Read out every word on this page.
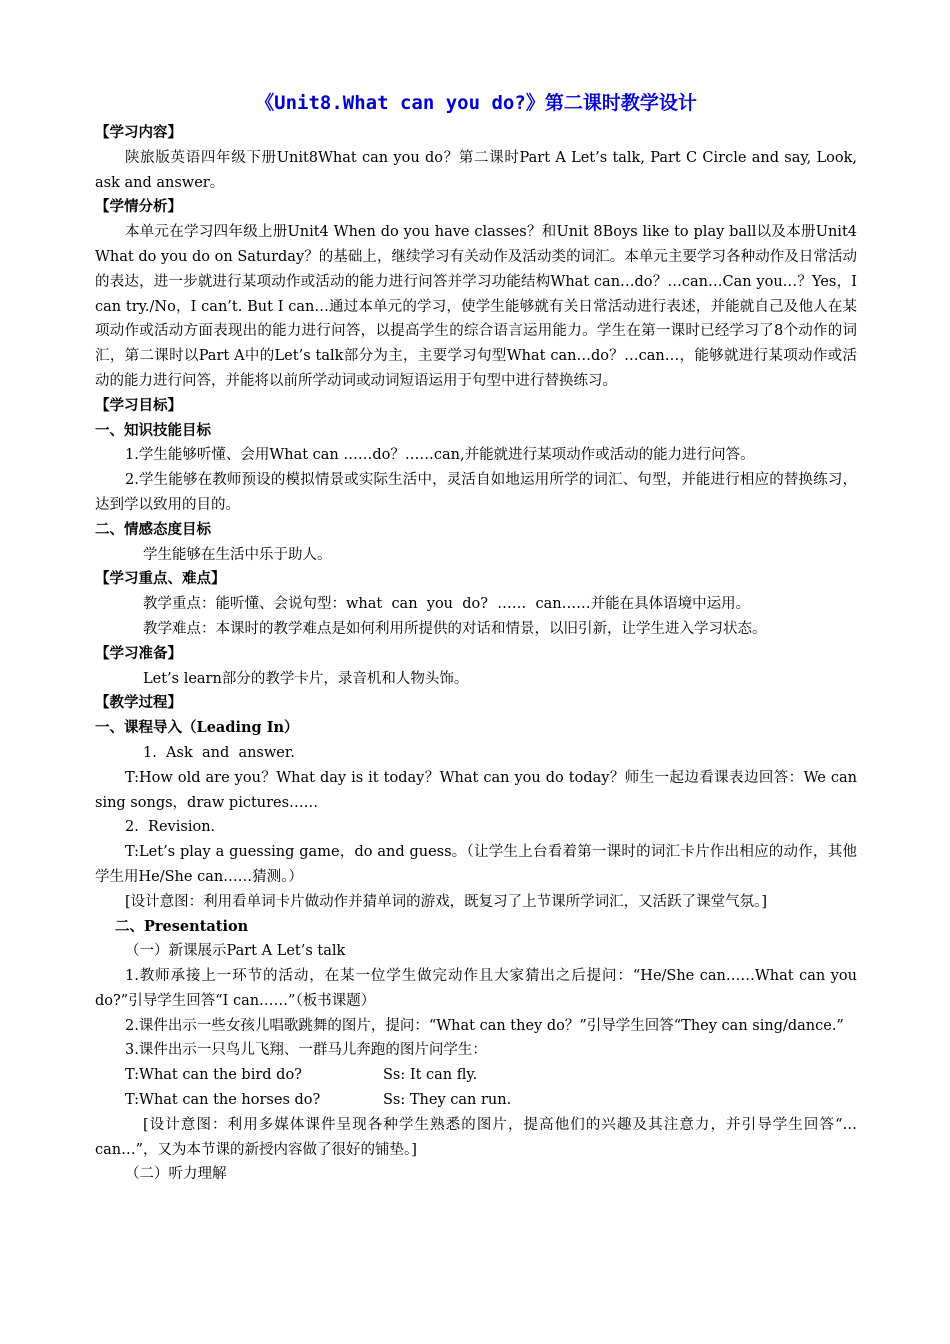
《Unit8.What can you do?》第二课时教学设计

【学习内容】

陕旅版英语四年级下册Unit8What can you do？第二课时Part A Let’s talk, Part C Circle and say, Look, ask and answer。

【学情分析】

本单元在学习四年级上册Unit4 When do you have classes？和Unit 8Boys like to play ball以及本册Unit4 What do you do on Saturday？的基础上，继续学习有关动作及活动类的词汇。本单元主要学习各种动作及日常活动的表达，进一步就进行某项动作或活动的能力进行问答并学习功能结构What can…do？…can…Can you…？Yes，I can try./No，I can’t. But I can…通过本单元的学习，使学生能够就有关日常活动进行表述，并能就自己及他人在某项动作或活动方面表现出的能力进行问答，以提高学生的综合语言运用能力。学生在第一课时已经学习了8个动作的词汇，第二课时以Part A中的Let’s talk部分为主，主要学习句型What can…do？…can…，能够就进行某项动作或活动的能力进行问答，并能将以前所学动词或动词短语运用于句型中进行替换练习。

【学习目标】

一、知识技能目标

1.学生能够听懂、会用What can ……do？……can,并能就进行某项动作或活动的能力进行问答。

2.学生能够在教师预设的模拟情景或实际生活中，灵活自如地运用所学的词汇、句型，并能进行相应的替换练习，达到学以致用的目的。

二、情感态度目标

学生能够在生活中乐于助人。

【学习重点、难点】

教学重点：能听懂、会说句型：what  can  you  do?  ……  can……并能在具体语境中运用。

教学难点：本课时的教学难点是如何利用所提供的对话和情景，以旧引新，让学生进入学习状态。

【学习准备】

Let’s learn部分的教学卡片，录音机和人物头饰。

【教学过程】

一、课程导入（Leading In）

1.  Ask  and  answer.

T:How old are you？What day is it today？What can you do today？师生一起边看课表边回答：We can sing songs，draw pictures……

2.  Revision.

T:Let’s play a guessing game，do and guess。（让学生上台看着第一课时的词汇卡片作出相应的动作，其他学生用He/She can……猜测。）

[设计意图：利用看单词卡片做动作并猜单词的游戏，既复习了上节课所学词汇，又活跃了课堂气氛。]

二、Presentation

（一）新课展示Part A Let’s talk

1.教师承接上一环节的活动，在某一位学生做完动作且大家猜出之后提问：“He/She can……What can you do?”引导学生回答“I can……”（板书课题）

2.课件出示一些女孩儿唱歌跳舞的图片，提问：“What can they do？”引导学生回答“They can sing/dance.”

3.课件出示一只鸟儿飞翔、一群马儿奔跑的图片问学生：

T:What can the bird do?	Ss: It can fly.

T:What can the horses do?	Ss: They can run.

[设计意图：利用多媒体课件呈现各种学生熟悉的图片，提高他们的兴趣及其注意力，并引导学生回答“…can…”，又为本节课的新授内容做了很好的铺垫。]

（二）听力理解
